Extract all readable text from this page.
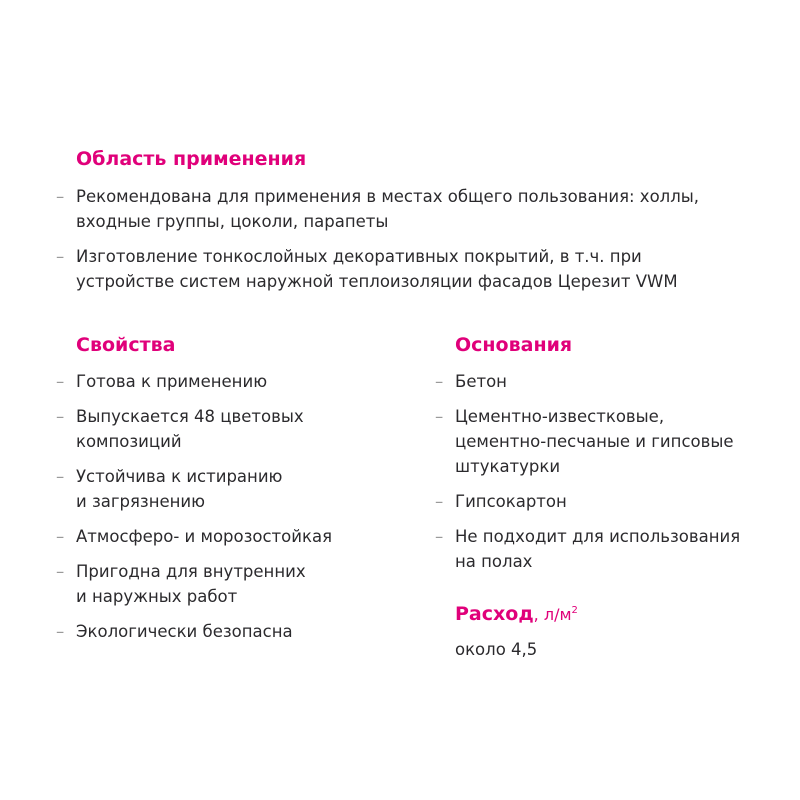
Область применения
– Рекомендована для применения в местах общего пользования: холлы,
входные группы, цоколи, парапеты
– Изготовление тонкослойных декоративных покрытий, в т.ч. при
устройстве систем наружной теплоизоляции фасадов Церезит VWM
Свойства
– Готова к применению
– Выпускается 48 цветовых
композиций
– Устойчива к истиранию
и загрязнению
– Атмосферо- и морозостойкая
– Пригодна для внутренних
и наружных работ
– Экологически безопасна
Основания
– Бетон
– Цементно-известковые,
цементно-песчаные и гипсовые
штукатурки
– Гипсокартон
– Не подходит для использования
на полах
Расход, $л/м^2$
около 4,5
